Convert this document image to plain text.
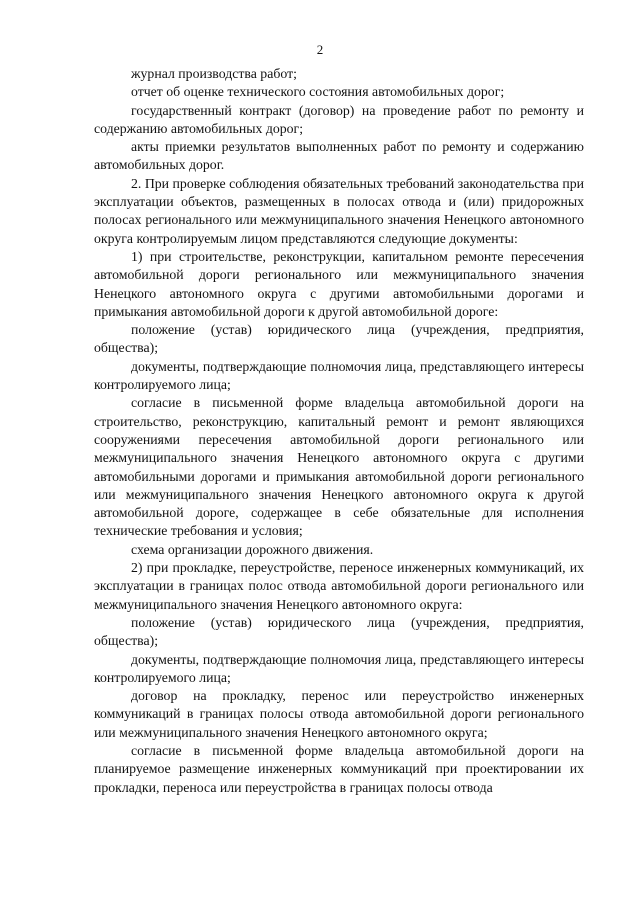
2

журнал производства работ;

отчет об оценке технического состояния автомобильных дорог;

государственный контракт (договор) на проведение работ по ремонту и содержанию автомобильных дорог;

акты приемки результатов выполненных работ по ремонту и содержанию автомобильных дорог.

2. При проверке соблюдения обязательных требований законодательства при эксплуатации объектов, размещенных в полосах отвода и (или) придорожных полосах регионального или межмуниципального значения Ненецкого автономного округа контролируемым лицом представляются следующие документы:

1) при строительстве, реконструкции, капитальном ремонте пересечения автомобильной дороги регионального или межмуниципального значения Ненецкого автономного округа с другими автомобильными дорогами и примыкания автомобильной дороги к другой автомобильной дороге:

положение (устав) юридического лица (учреждения, предприятия, общества);

документы, подтверждающие полномочия лица, представляющего интересы контролируемого лица;

согласие в письменной форме владельца автомобильной дороги на строительство, реконструкцию, капитальный ремонт и ремонт являющихся сооружениями пересечения автомобильной дороги регионального или межмуниципального значения Ненецкого автономного округа с другими автомобильными дорогами и примыкания автомобильной дороги регионального или межмуниципального значения Ненецкого автономного округа к другой автомобильной дороге, содержащее в себе обязательные для исполнения технические требования и условия;

схема организации дорожного движения.

2) при прокладке, переустройстве, переносе инженерных коммуникаций, их эксплуатации в границах полос отвода автомобильной дороги регионального или межмуниципального значения Ненецкого автономного округа:

положение (устав) юридического лица (учреждения, предприятия, общества);

документы, подтверждающие полномочия лица, представляющего интересы контролируемого лица;

договор на прокладку, перенос или переустройство инженерных коммуникаций в границах полосы отвода автомобильной дороги регионального или межмуниципального значения Ненецкого автономного округа;

согласие в письменной форме владельца автомобильной дороги на планируемое размещение инженерных коммуникаций при проектировании их прокладки, переноса или переустройства в границах полосы отвода
